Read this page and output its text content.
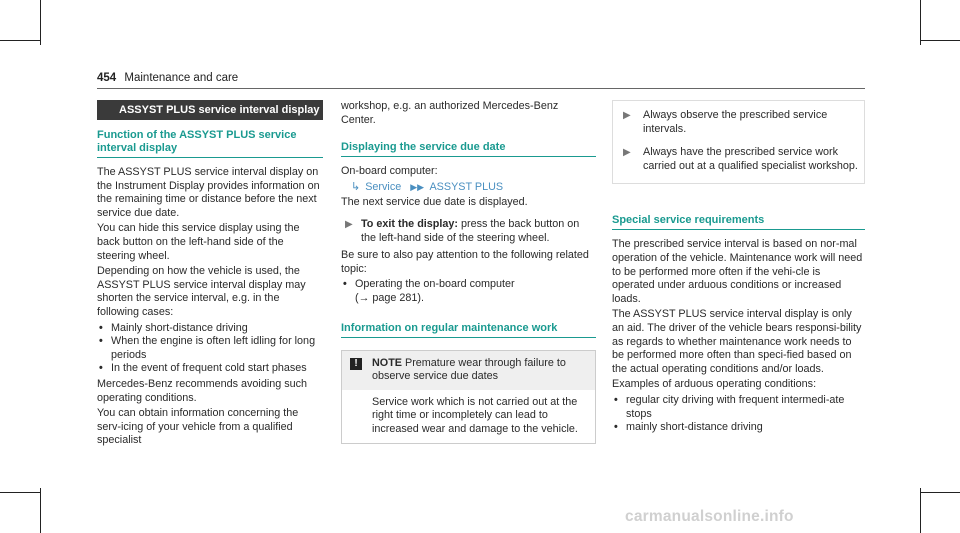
454 Maintenance and care
ASSYST PLUS service interval display
Function of the ASSYST PLUS service interval display

The ASSYST PLUS service interval display on the Instrument Display provides information on the remaining time or distance before the next service due date.

You can hide this service display using the back button on the left-hand side of the steering wheel.

Depending on how the vehicle is used, the ASSYST PLUS service interval display may shorten the service interval, e.g. in the following cases:

• Mainly short-distance driving
• When the engine is often left idling for long periods
• In the event of frequent cold start phases

Mercedes-Benz recommends avoiding such operating conditions.

You can obtain information concerning the serv-icing of your vehicle from a qualified specialist

workshop, e.g. an authorized Mercedes-Benz Center.

Displaying the service due date

On-board computer:

↳ Service ▶▶ ASSYST PLUS

The next service due date is displayed.

▶ To exit the display: press the back button on the left-hand side of the steering wheel.

Be sure to also pay attention to the following related topic:

• Operating the on-board computer
(→ page 281).
Information on regular maintenance work
!	NOTE Premature wear through failure to observe service due dates
Service work which is not carried out at the right time or incompletely can lead to increased wear and damage to the vehicle.
▶ Always observe the prescribed service intervals.
▶ Always have the prescribed service work carried out at a qualified specialist workshop.
Special service requirements

The prescribed service interval is based on nor-mal operation of the vehicle. Maintenance work will need to be performed more often if the vehi-cle is operated under arduous conditions or increased loads.

The ASSYST PLUS service interval display is only an aid. The driver of the vehicle bears responsi-bility as regards to whether maintenance work needs to be performed more often than speci-fied based on the actual operating conditions and/or loads.

Examples of arduous operating conditions:

• regular city driving with frequent intermedi-ate stops
• mainly short-distance driving
carmanualsonline.info
